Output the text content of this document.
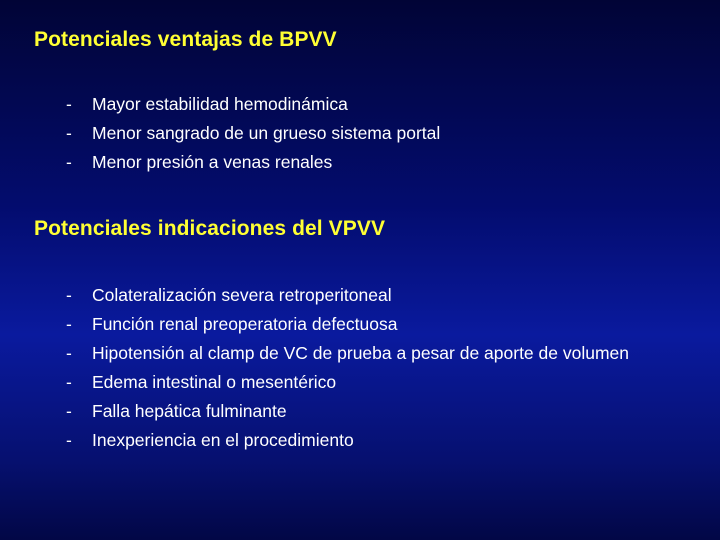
Potenciales ventajas de BPVV
-	Mayor estabilidad hemodinámica
-	Menor sangrado de un grueso sistema portal
-	Menor presión a venas renales
Potenciales indicaciones del VPVV
-	Colateralización severa retroperitoneal
-	Función renal preoperatoria defectuosa
-	Hipotensión al clamp de VC de prueba a pesar de aporte de volumen
-	Edema intestinal o mesentérico
-	Falla hepática fulminante
-	Inexperiencia en el procedimiento
